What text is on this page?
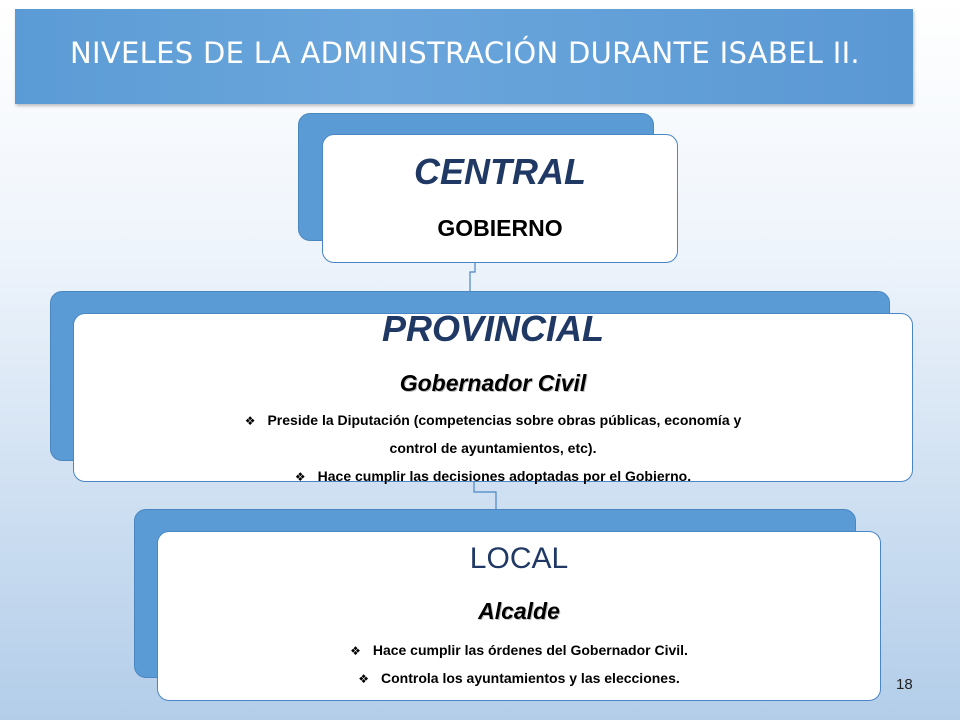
NIVELES DE LA ADMINISTRACIÓN DURANTE ISABEL II.
CENTRAL
GOBIERNO
PROVINCIAL
Gobernador Civil
❖ Preside la Diputación (competencias sobre obras públicas, economía y
control de ayuntamientos, etc).
❖ Hace cumplir las decisiones adoptadas por el Gobierno.
LOCAL
Alcalde
❖ Hace cumplir las órdenes del Gobernador Civil.
❖ Controla los ayuntamientos y las elecciones.	18
